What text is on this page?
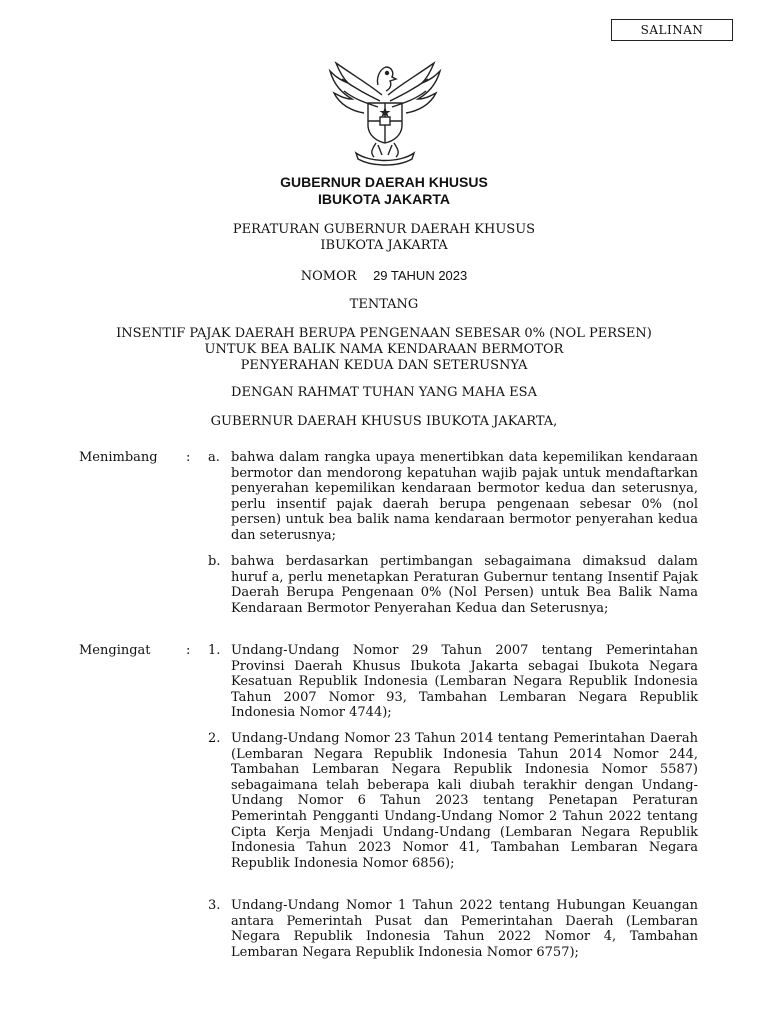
SALINAN
GUBERNUR DAERAH KHUSUS
IBUKOTA JAKARTA
PERATURAN GUBERNUR DAERAH KHUSUS
IBUKOTA JAKARTA
NOMOR 29 TAHUN 2023
TENTANG
INSENTIF PAJAK DAERAH BERUPA PENGENAAN SEBESAR 0% (NOL PERSEN)
UNTUK BEA BALIK NAMA KENDARAAN BERMOTOR
PENYERAHAN KEDUA DAN SETERUSNYA
DENGAN RAHMAT TUHAN YANG MAHA ESA
GUBERNUR DAERAH KHUSUS IBUKOTA JAKARTA,
Menimbang	: a. bahwa dalam rangka upaya menertibkan data kepemilikan kendaraan bermotor dan mendorong kepatuhan wajib pajak untuk mendaftarkan penyerahan kepemilikan kendaraan bermotor kedua dan seterusnya, perlu insentif pajak daerah berupa pengenaan sebesar 0% (nol persen) untuk bea balik nama kendaraan bermotor penyerahan kedua dan seterusnya;
b. bahwa berdasarkan pertimbangan sebagaimana dimaksud dalam huruf a, perlu menetapkan Peraturan Gubernur tentang Insentif Pajak Daerah Berupa Pengenaan 0% (Nol Persen) untuk Bea Balik Nama Kendaraan Bermotor Penyerahan Kedua dan Seterusnya;
Mengingat	: 1. Undang-Undang Nomor 29 Tahun 2007 tentang Pemerintahan Provinsi Daerah Khusus Ibukota Jakarta sebagai Ibukota Negara Kesatuan Republik Indonesia (Lembaran Negara Republik Indonesia Tahun 2007 Nomor 93, Tambahan Lembaran Negara Republik Indonesia Nomor 4744);
2. Undang-Undang Nomor 23 Tahun 2014 tentang Pemerintahan Daerah (Lembaran Negara Republik Indonesia Tahun 2014 Nomor 244, Tambahan Lembaran Negara Republik Indonesia Nomor 5587) sebagaimana telah beberapa kali diubah terakhir dengan Undang-Undang Nomor 6 Tahun 2023 tentang Penetapan Peraturan Pemerintah Pengganti Undang-Undang Nomor 2 Tahun 2022 tentang Cipta Kerja Menjadi Undang-Undang (Lembaran Negara Republik Indonesia Tahun 2023 Nomor 41, Tambahan Lembaran Negara Republik Indonesia Nomor 6856);
3. Undang-Undang Nomor 1 Tahun 2022 tentang Hubungan Keuangan antara Pemerintah Pusat dan Pemerintahan Daerah (Lembaran Negara Republik Indonesia Tahun 2022 Nomor 4, Tambahan Lembaran Negara Republik Indonesia Nomor 6757);
